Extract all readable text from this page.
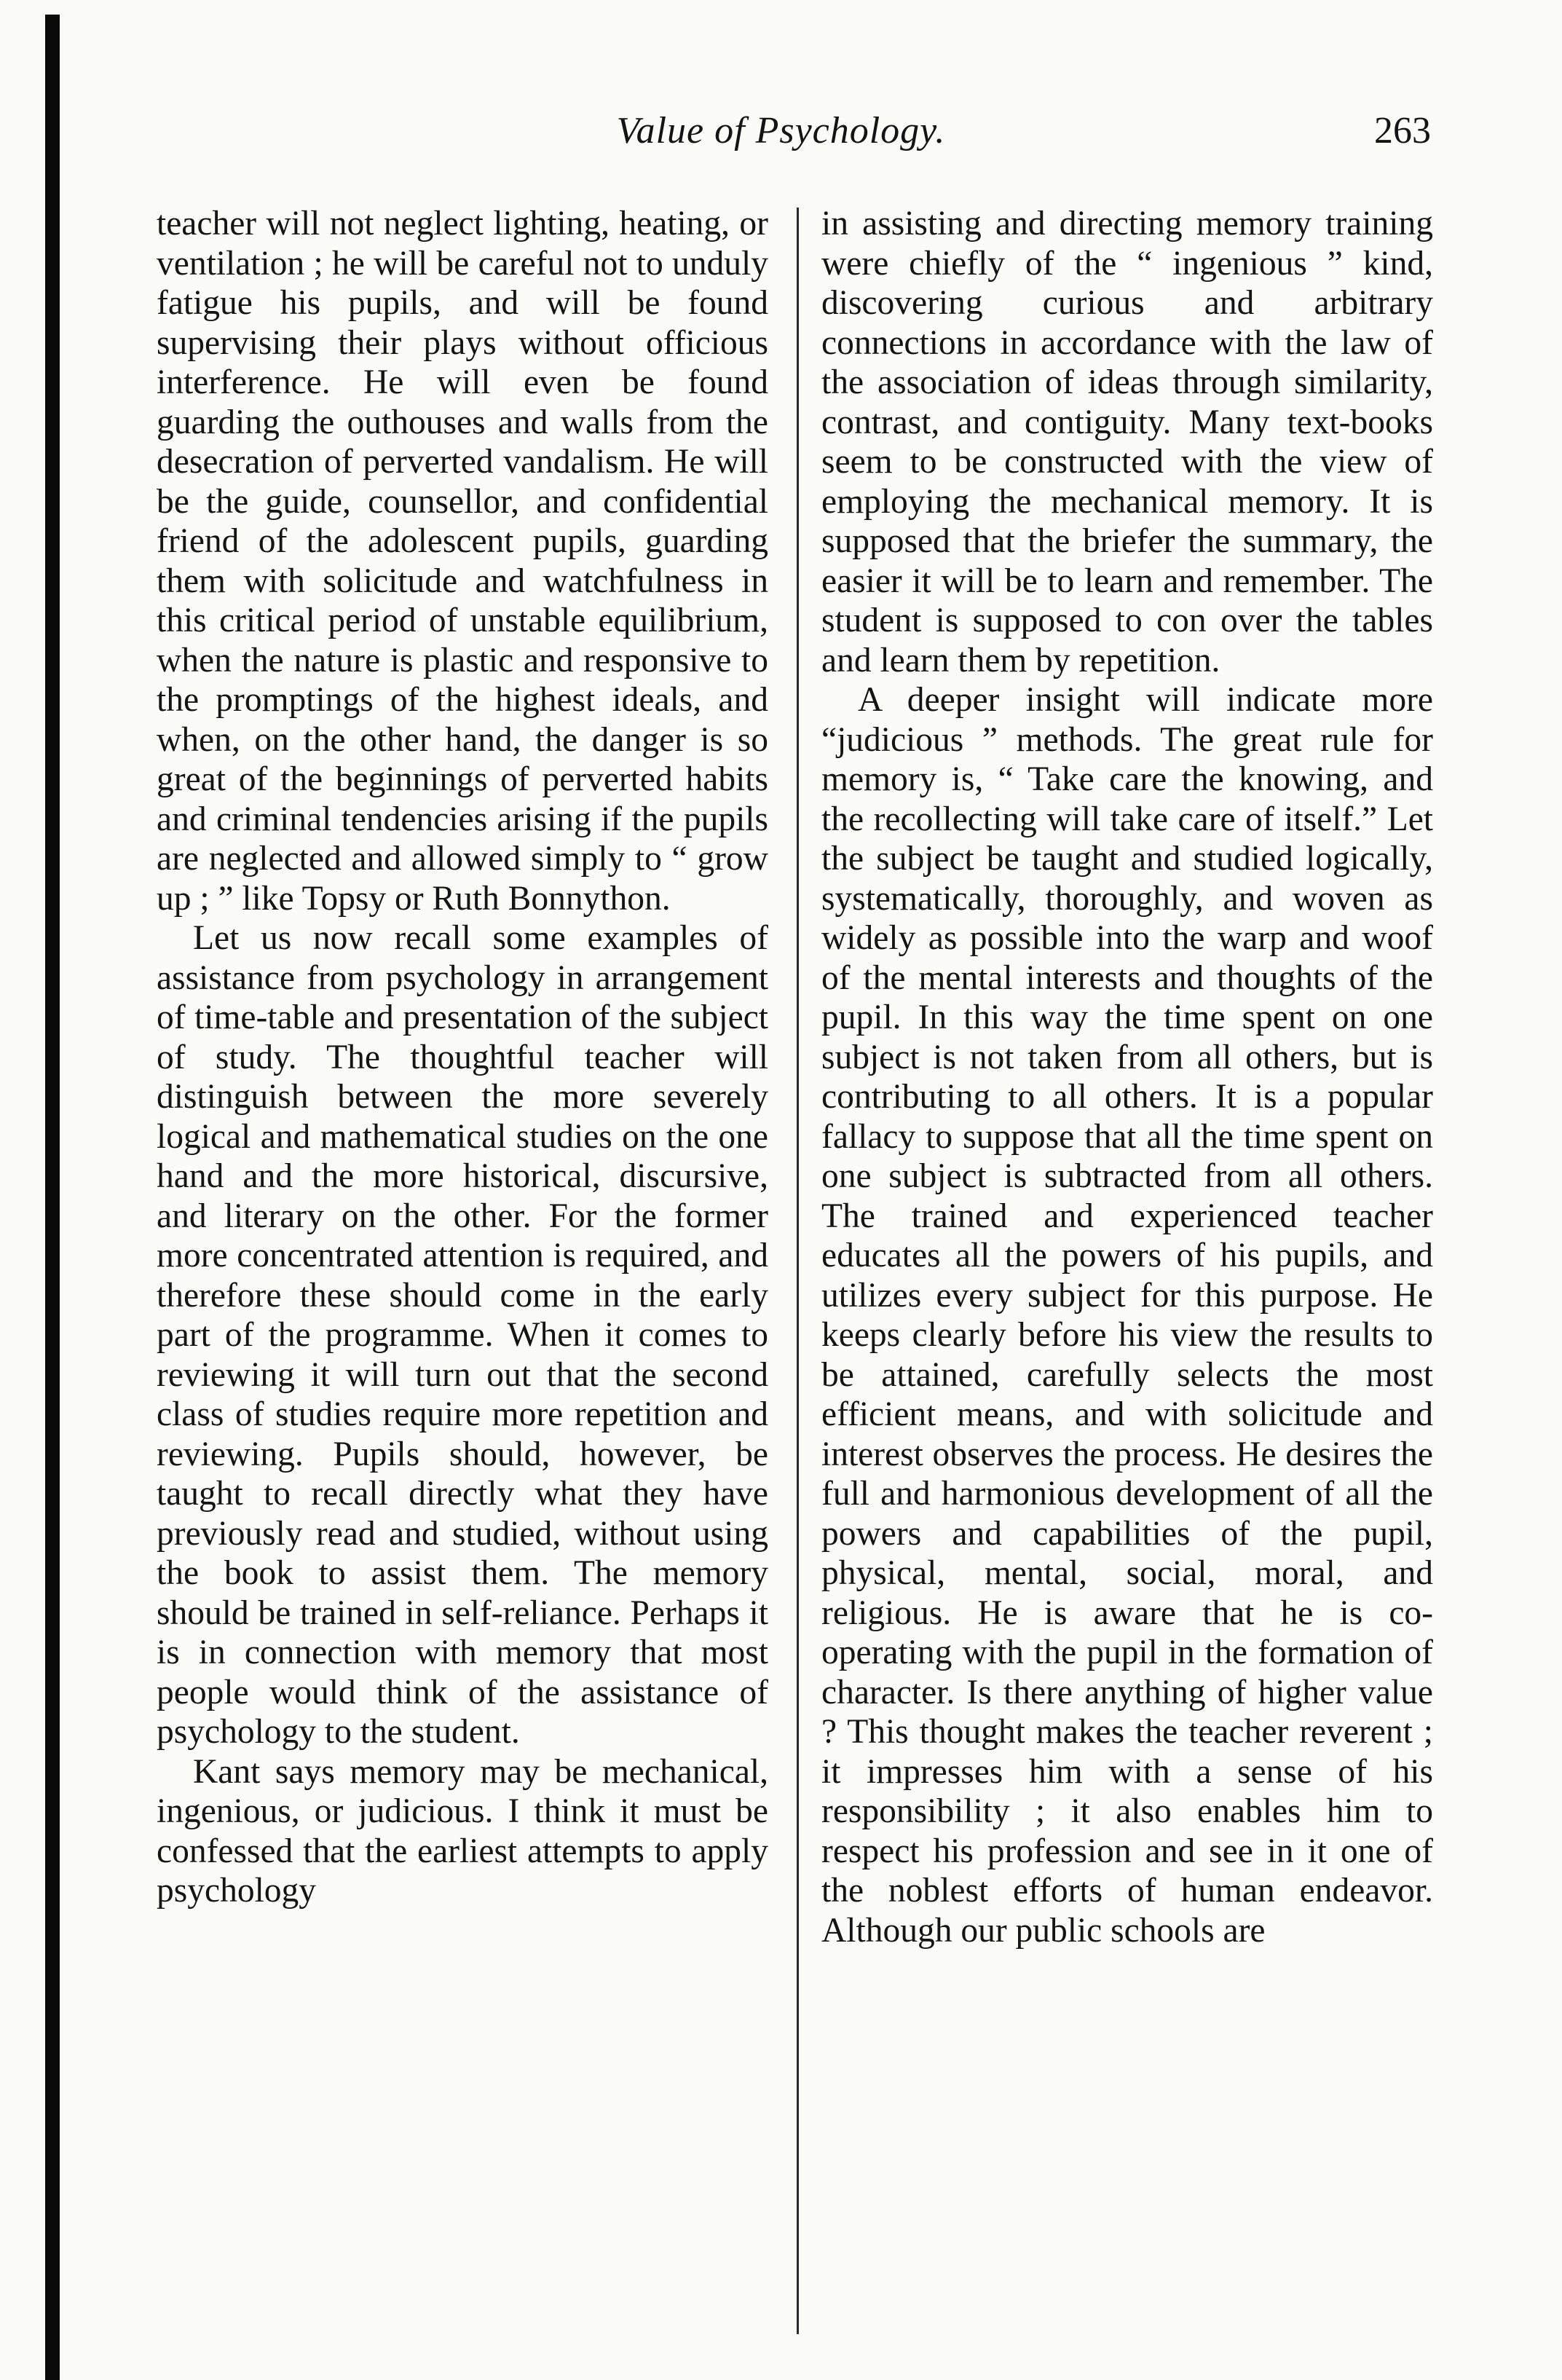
Value of Psychology.	263

teacher will not neglect lighting, heating, or ventilation ; he will be careful not to unduly fatigue his pupils, and will be found supervising their plays without officious interference. He will even be found guarding the outhouses and walls from the desecration of perverted vandalism. He will be the guide, counsellor, and confidential friend of the adolescent pupils, guarding them with solicitude and watchfulness in this critical period of unstable equilibrium, when the nature is plastic and responsive to the promptings of the highest ideals, and when, on the other hand, the danger is so great of the beginnings of perverted habits and criminal tendencies arising if the pupils are neglected and allowed simply to “ grow up ; ” like Topsy or Ruth Bonnython.

Let us now recall some examples of assistance from psychology in arrangement of time-table and presentation of the subject of study. The thoughtful teacher will distinguish between the more severely logical and mathematical studies on the one hand and the more historical, discursive, and literary on the other. For the former more concentrated attention is required, and therefore these should come in the early part of the programme. When it comes to reviewing it will turn out that the second class of studies require more repetition and reviewing. Pupils should, however, be taught to recall directly what they have previously read and studied, without using the book to assist them. The memory should be trained in self-reliance. Perhaps it is in connection with memory that most people would think of the assistance of psychology to the student.

Kant says memory may be mechanical, ingenious, or judicious. I think it must be confessed that the earliest attempts to apply psychology

in assisting and directing memory training were chiefly of the “ ingenious ” kind, discovering curious and arbitrary connections in accordance with the law of the association of ideas through similarity, contrast, and contiguity. Many text-books seem to be constructed with the view of employing the mechanical memory. It is supposed that the briefer the summary, the easier it will be to learn and remember. The student is supposed to con over the tables and learn them by repetition.

A deeper insight will indicate more “judicious ” methods. The great rule for memory is, “ Take care the knowing, and the recollecting will take care of itself.” Let the subject be taught and studied logically, systematically, thoroughly, and woven as widely as possible into the warp and woof of the mental interests and thoughts of the pupil. In this way the time spent on one subject is not taken from all others, but is contributing to all others. It is a popular fallacy to suppose that all the time spent on one subject is subtracted from all others. The trained and experienced teacher educates all the powers of his pupils, and utilizes every subject for this purpose. He keeps clearly before his view the results to be attained, carefully selects the most efficient means, and with solicitude and interest observes the process. He desires the full and harmonious development of all the powers and capabilities of the pupil, physical, mental, social, moral, and religious. He is aware that he is co-operating with the pupil in the formation of character. Is there anything of higher value ? This thought makes the teacher reverent ; it impresses him with a sense of his responsibility ; it also enables him to respect his profession and see in it one of the noblest efforts of human endeavor. Although our public schools are
